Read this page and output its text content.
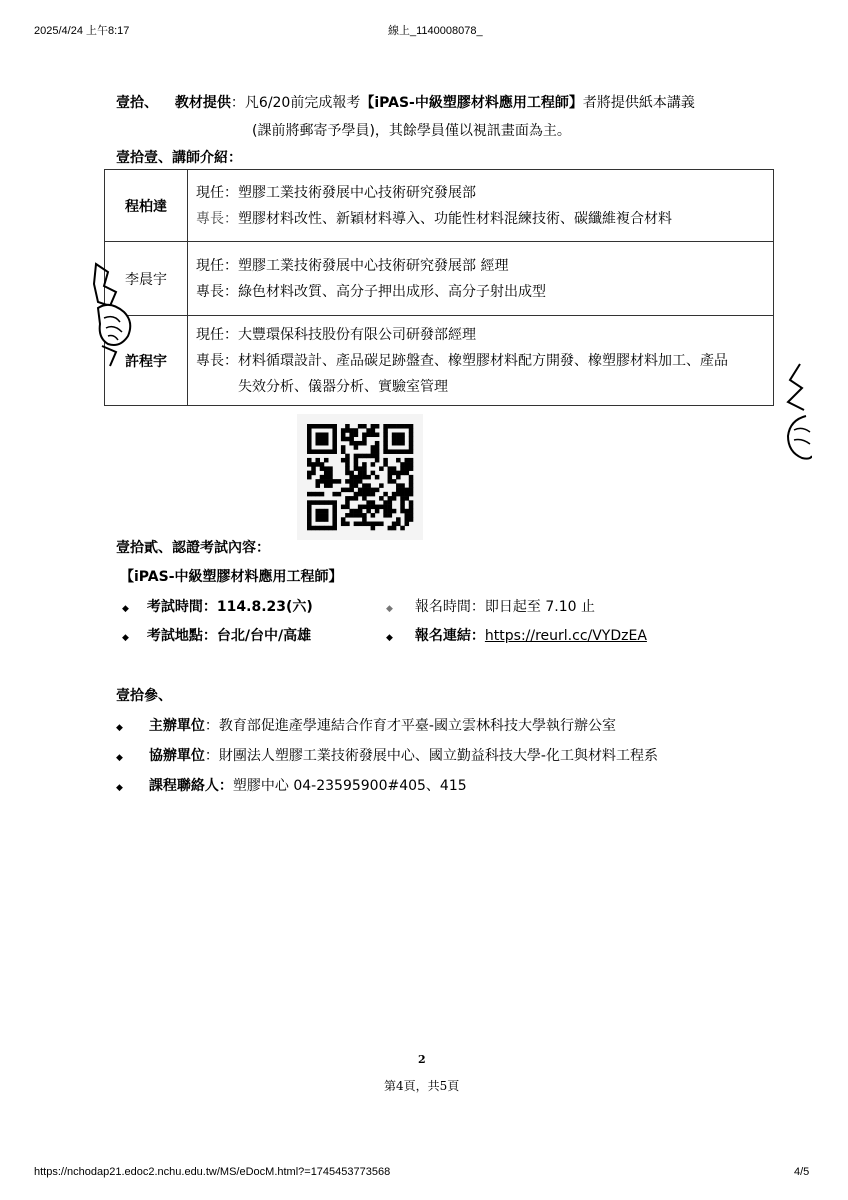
2025/4/24 上午8:17	線上_1140008078_
壹拾、 教材提供：凡6/20前完成報考【iPAS-中級塑膠材料應用工程師】者將提供紙本講義
(課前將郵寄予學員)，其餘學員僅以視訊畫面為主。
壹拾壹、講師介紹：
程柏達	現任： 塑膠工業技術發展中心技術研究發展部
專長： 塑膠材料改性、新穎材料導入、功能性材料混練技術、碳纖維複合材料

李晨宇	現任： 塑膠工業技術發展中心技術研究發展部 經理
專長： 綠色材料改質、高分子押出成形、高分子射出成型

許程宇	現任： 大豐環保科技股份有限公司研發部經理
專長： 材料循環設計、產品碳足跡盤查、橡塑膠材料配方開發、橡塑膠材料加工、產品失效分析、儀器分析、實驗室管理
壹拾貳、認證考試內容：
【iPAS-中級塑膠材料應用工程師】
◆ 考試時間：114.8.23(六)	◆ 報名時間：即日起至 7.10 止
◆ 考試地點：台北/台中/高雄	◆ 報名連結：https://reurl.cc/VYDzEA
壹拾參、
◆ 主辦單位：教育部促進產學連結合作育才平臺-國立雲林科技大學執行辦公室
◆ 協辦單位：財團法人塑膠工業技術發展中心、國立勤益科技大學-化工與材料工程系
◆ 課程聯絡人：塑膠中心 04-23595900#405、415
2
第4頁，共5頁
https://nchodap21.edoc2.nchu.edu.tw/MS/eDocM.html?=1745453773568	4/5
